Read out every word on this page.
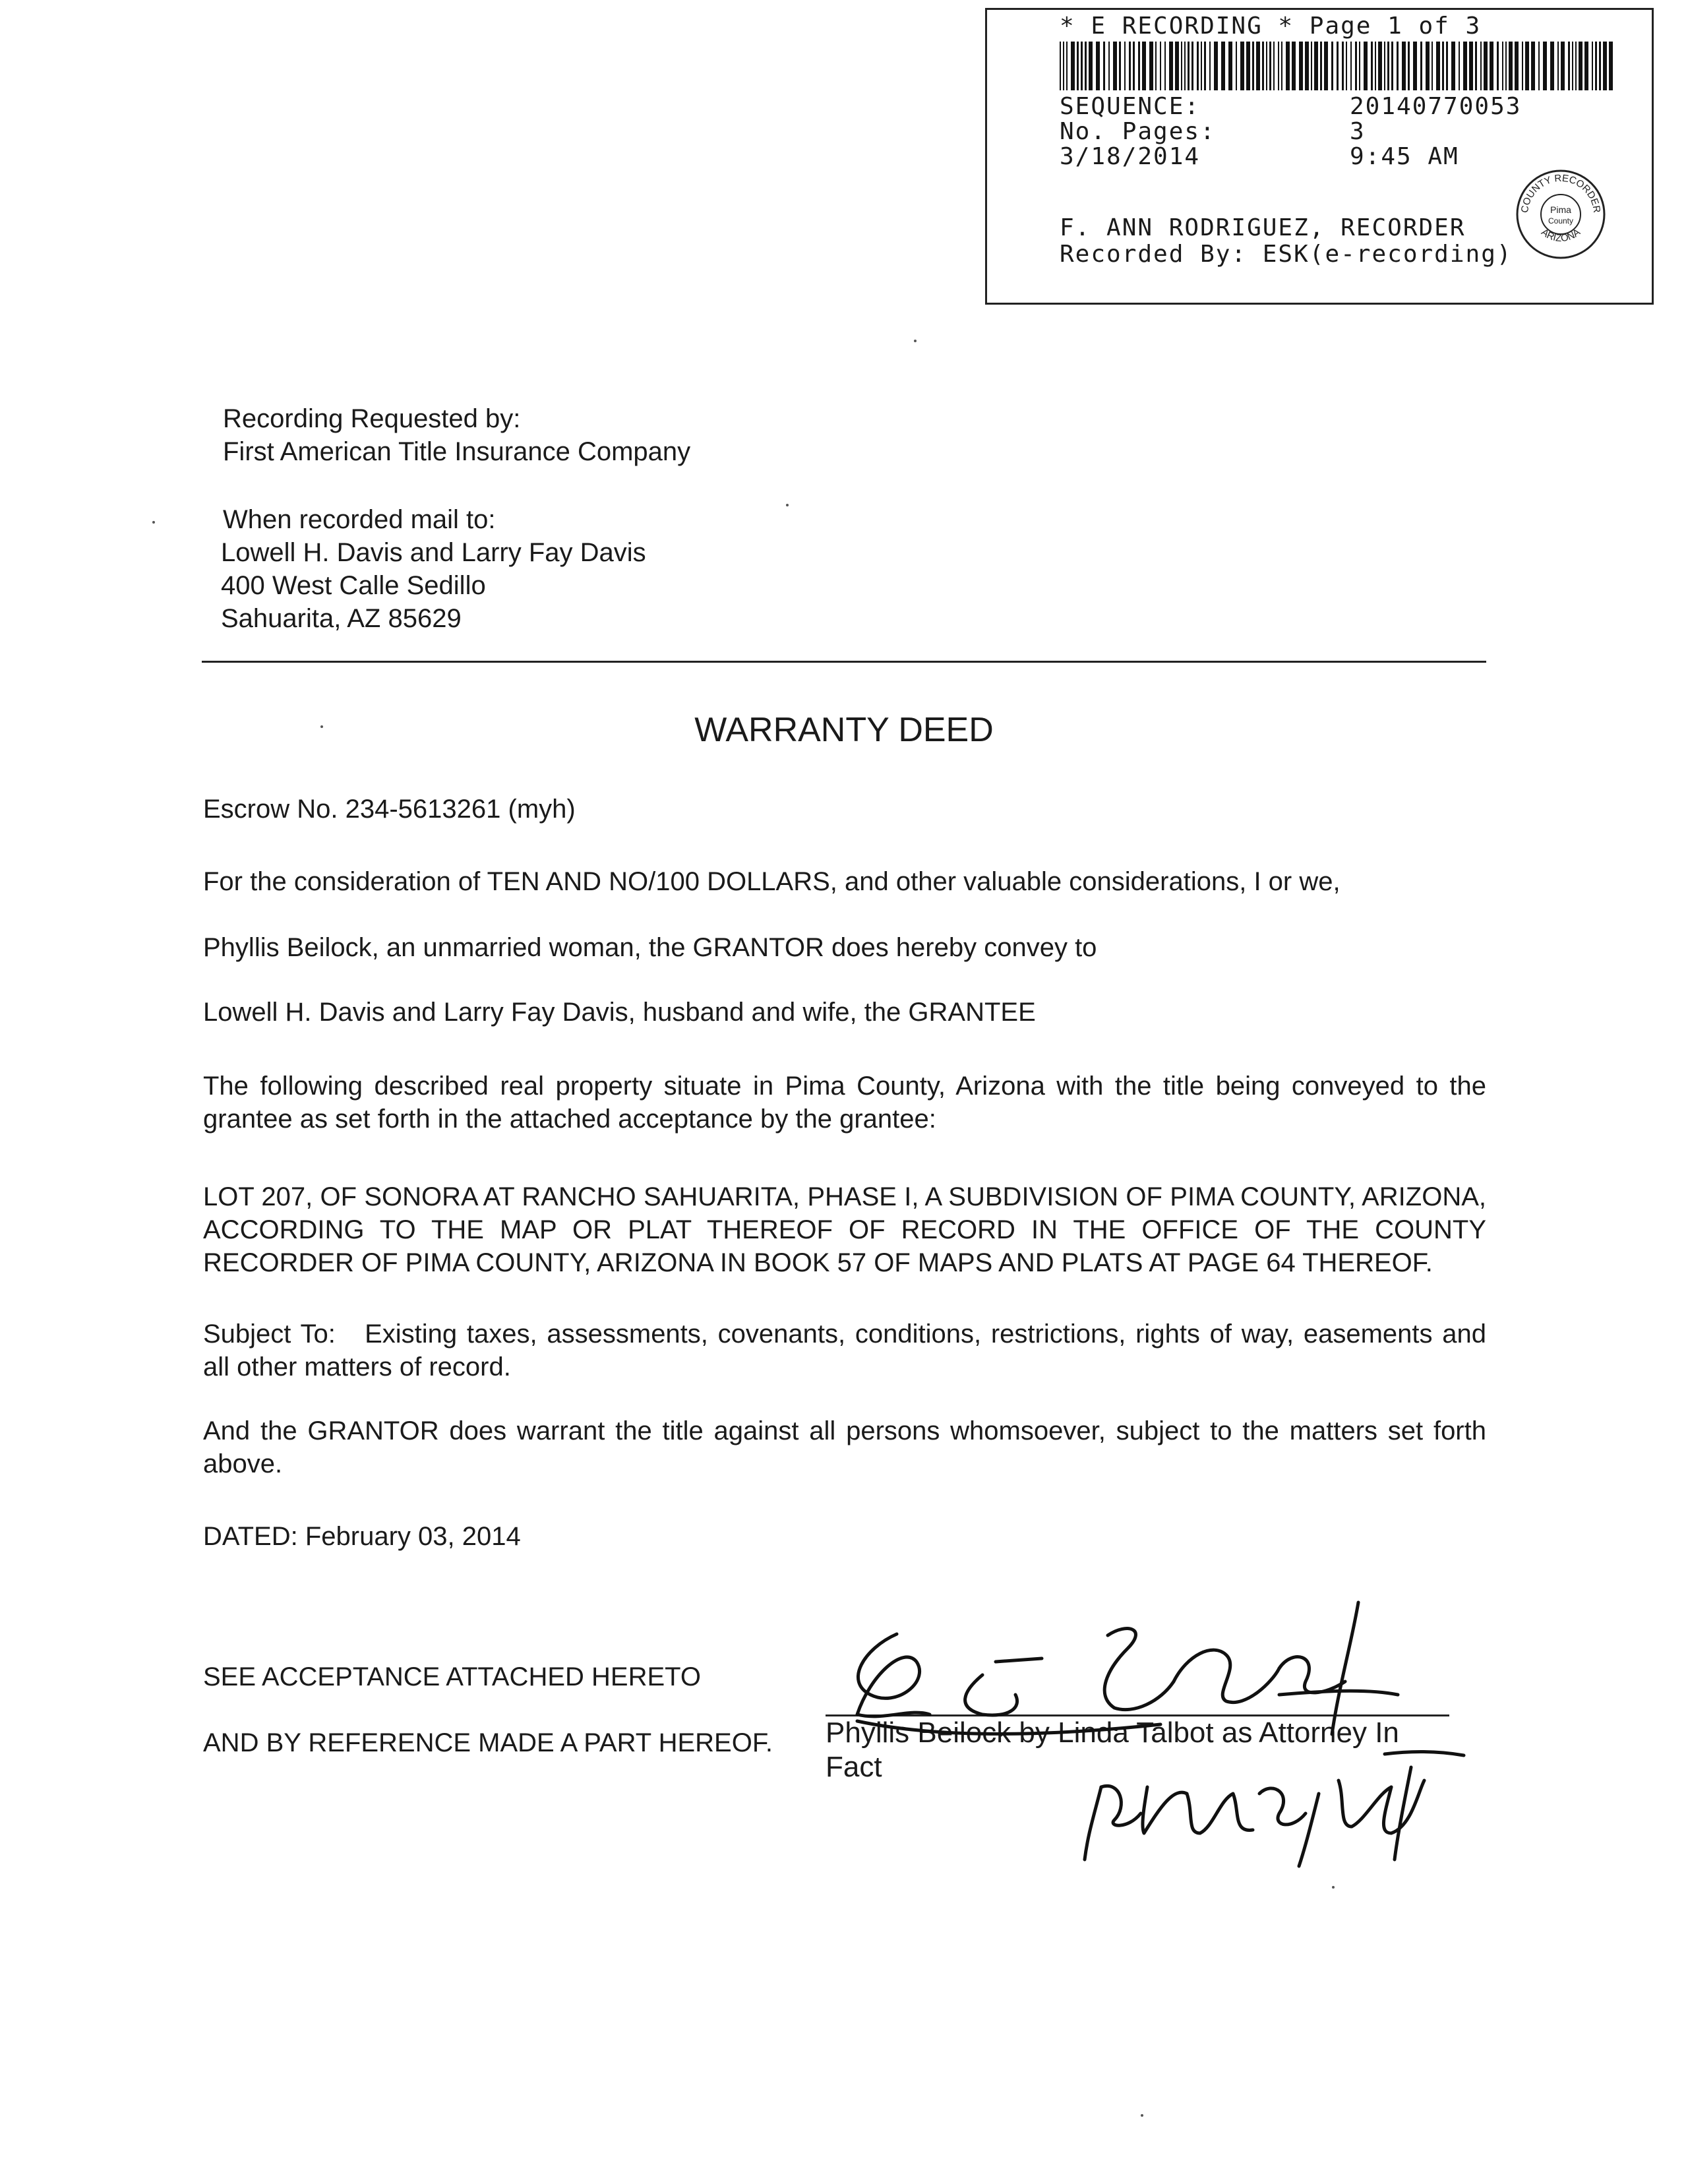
* E RECORDING * Page 1 of 3
SEQUENCE:	20140770053
No. Pages:	3
3/18/2014	9:45 AM
F. ANN RODRIGUEZ, RECORDER
Recorded By: ESK(e-recording)
COUNTY RECORDER
Pima
County
ARIZONA
Recording Requested by:
First American Title Insurance Company
When recorded mail to:
Lowell H. Davis and Larry Fay Davis
400 West Calle Sedillo
Sahuarita, AZ 85629
WARRANTY DEED
Escrow No. 234-5613261 (myh)
For the consideration of TEN AND NO/100 DOLLARS, and other valuable considerations, I or we,
Phyllis Beilock, an unmarried woman, the GRANTOR does hereby convey to
Lowell H. Davis and Larry Fay Davis, husband and wife, the GRANTEE
The following described real property situate in Pima County, Arizona with the title being conveyed to the grantee as set forth in the attached acceptance by the grantee:
LOT 207, OF SONORA AT RANCHO SAHUARITA, PHASE I, A SUBDIVISION OF PIMA COUNTY, ARIZONA, ACCORDING TO THE MAP OR PLAT THEREOF OF RECORD IN THE OFFICE OF THE COUNTY RECORDER OF PIMA COUNTY, ARIZONA IN BOOK 57 OF MAPS AND PLATS AT PAGE 64 THEREOF.
Subject To:   Existing taxes, assessments, covenants, conditions, restrictions, rights of way, easements and all other matters of record.
And the GRANTOR does warrant the title against all persons whomsoever, subject to the matters set forth above.
DATED: February 03, 2014
SEE ACCEPTANCE ATTACHED HERETO
AND BY REFERENCE MADE A PART HEREOF. Phyllis Beilock by Linda Talbot as Attorney In Fact
